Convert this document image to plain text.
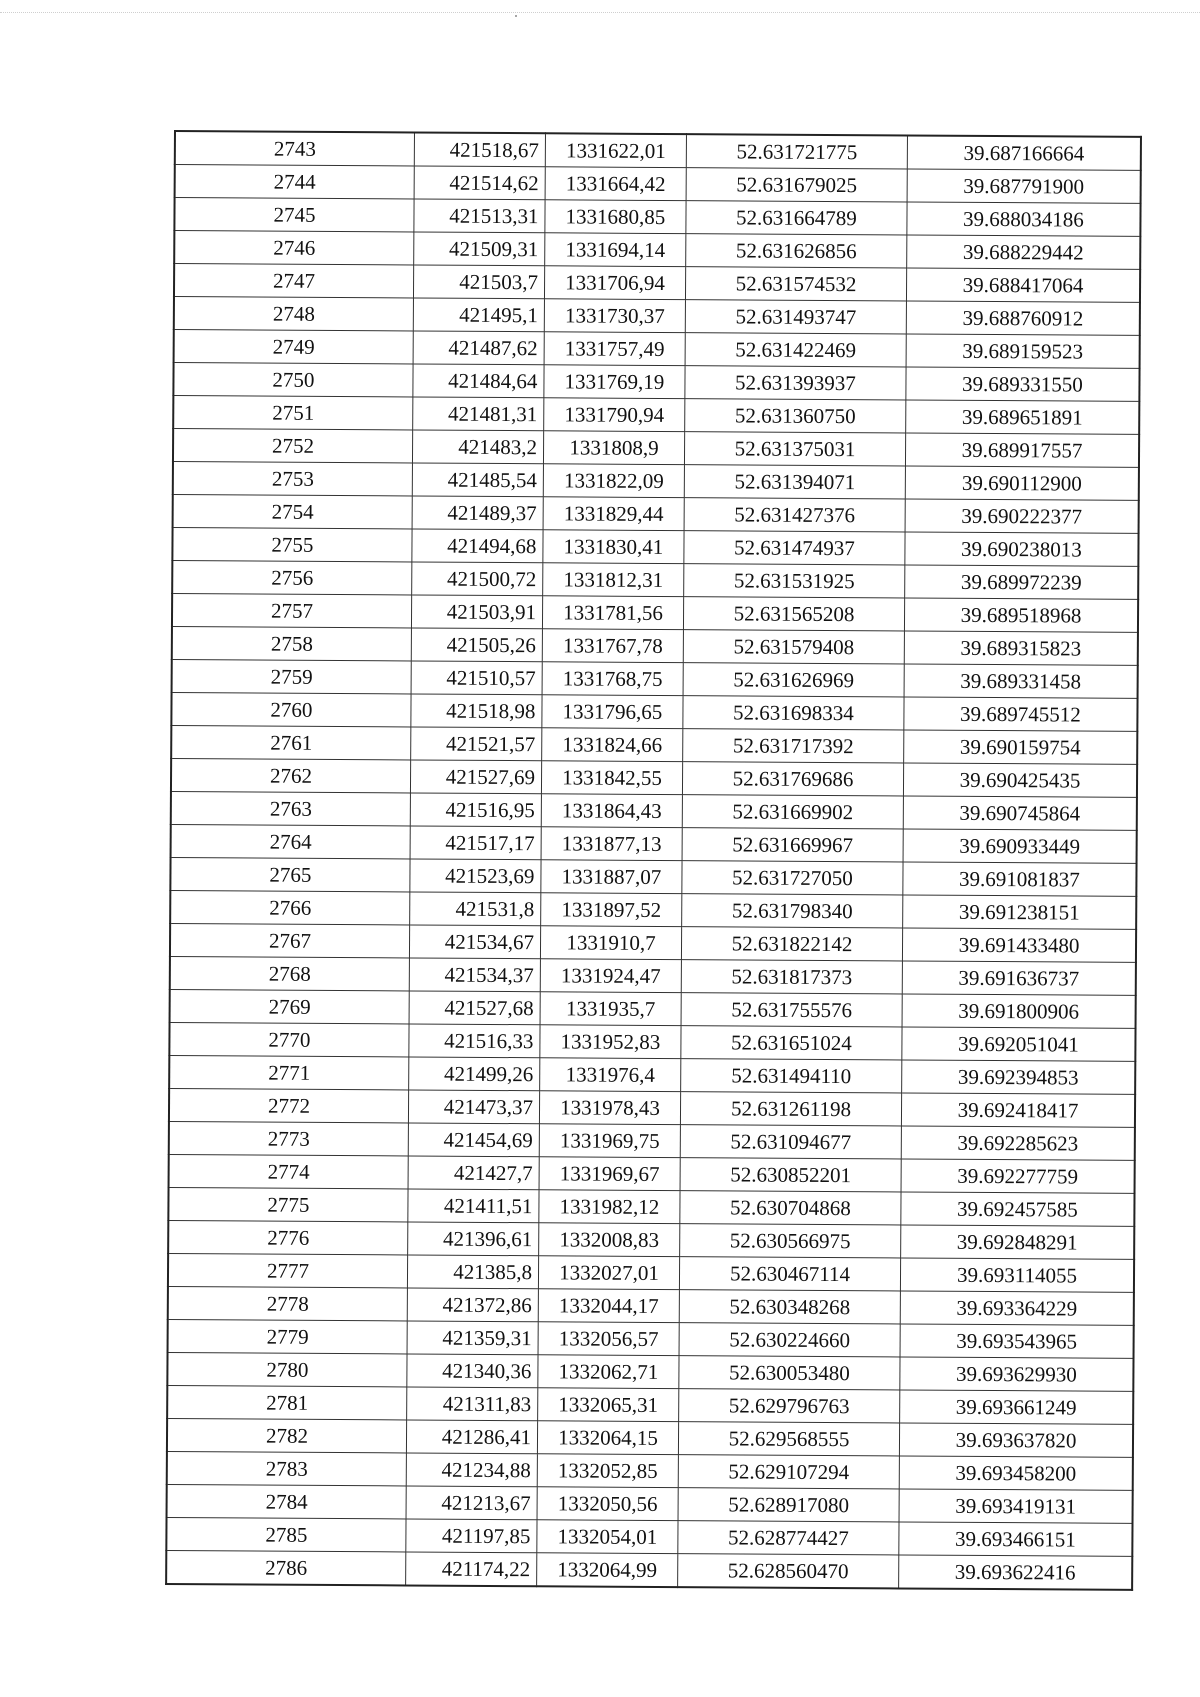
2743	421518,67	1331622,01	52.631721775	39.687166664
2744	421514,62	1331664,42	52.631679025	39.687791900
2745	421513,31	1331680,85	52.631664789	39.688034186
2746	421509,31	1331694,14	52.631626856	39.688229442
2747	421503,7	1331706,94	52.631574532	39.688417064
2748	421495,1	1331730,37	52.631493747	39.688760912
2749	421487,62	1331757,49	52.631422469	39.689159523
2750	421484,64	1331769,19	52.631393937	39.689331550
2751	421481,31	1331790,94	52.631360750	39.689651891
2752	421483,2	1331808,9	52.631375031	39.689917557
2753	421485,54	1331822,09	52.631394071	39.690112900
2754	421489,37	1331829,44	52.631427376	39.690222377
2755	421494,68	1331830,41	52.631474937	39.690238013
2756	421500,72	1331812,31	52.631531925	39.689972239
2757	421503,91	1331781,56	52.631565208	39.689518968
2758	421505,26	1331767,78	52.631579408	39.689315823
2759	421510,57	1331768,75	52.631626969	39.689331458
2760	421518,98	1331796,65	52.631698334	39.689745512
2761	421521,57	1331824,66	52.631717392	39.690159754
2762	421527,69	1331842,55	52.631769686	39.690425435
2763	421516,95	1331864,43	52.631669902	39.690745864
2764	421517,17	1331877,13	52.631669967	39.690933449
2765	421523,69	1331887,07	52.631727050	39.691081837
2766	421531,8	1331897,52	52.631798340	39.691238151
2767	421534,67	1331910,7	52.631822142	39.691433480
2768	421534,37	1331924,47	52.631817373	39.691636737
2769	421527,68	1331935,7	52.631755576	39.691800906
2770	421516,33	1331952,83	52.631651024	39.692051041
2771	421499,26	1331976,4	52.631494110	39.692394853
2772	421473,37	1331978,43	52.631261198	39.692418417
2773	421454,69	1331969,75	52.631094677	39.692285623
2774	421427,7	1331969,67	52.630852201	39.692277759
2775	421411,51	1331982,12	52.630704868	39.692457585
2776	421396,61	1332008,83	52.630566975	39.692848291
2777	421385,8	1332027,01	52.630467114	39.693114055
2778	421372,86	1332044,17	52.630348268	39.693364229
2779	421359,31	1332056,57	52.630224660	39.693543965
2780	421340,36	1332062,71	52.630053480	39.693629930
2781	421311,83	1332065,31	52.629796763	39.693661249
2782	421286,41	1332064,15	52.629568555	39.693637820
2783	421234,88	1332052,85	52.629107294	39.693458200
2784	421213,67	1332050,56	52.628917080	39.693419131
2785	421197,85	1332054,01	52.628774427	39.693466151
2786	421174,22	1332064,99	52.628560470	39.693622416
